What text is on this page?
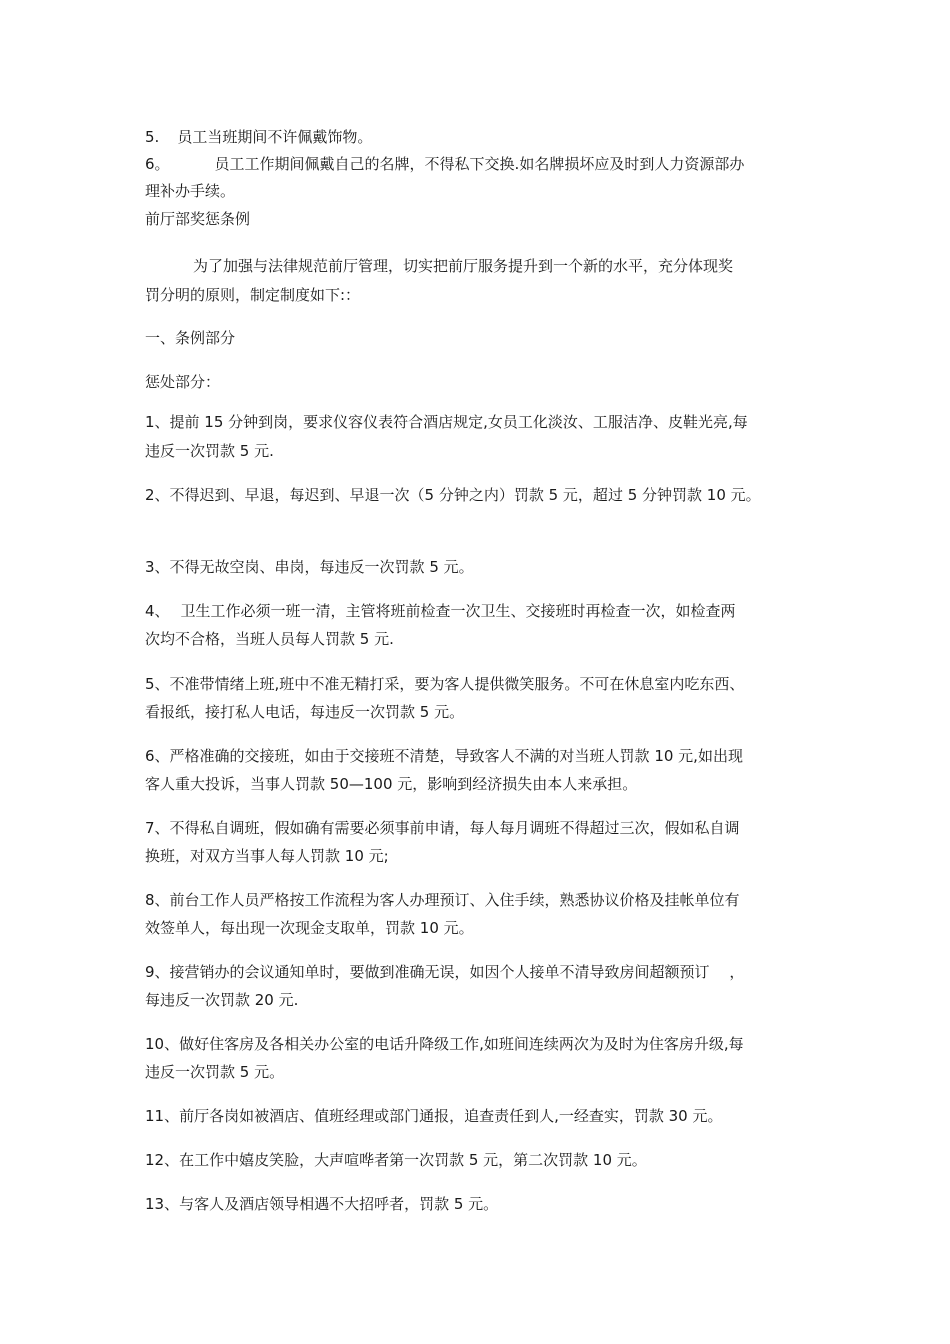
5. 员工当班期间不许佩戴饰物。
6。	员工工作期间佩戴自己的名牌，不得私下交换.如名牌损坏应及时到人力资源部办
理补办手续。
前厅部奖惩条例
为了加强与法律规范前厅管理，切实把前厅服务提升到一个新的水平，充分体现奖
罚分明的原则，制定制度如下:：
一、条例部分
惩处部分：
1、提前 15 分钟到岗，要求仪容仪表符合酒店规定,女员工化淡汝、工服洁净、皮鞋光亮,每
违反一次罚款 5 元.
2、不得迟到、早退，每迟到、早退一次（5 分钟之内）罚款 5 元，超过 5 分钟罚款 10 元。
3、不得无故空岗、串岗，每违反一次罚款 5 元。
4、 卫生工作必须一班一清，主管将班前检查一次卫生、交接班时再检查一次，如检查两
次均不合格，当班人员每人罚款 5 元.
5、不准带情绪上班,班中不准无精打采，要为客人提供微笑服务。不可在休息室内吃东西、
看报纸，接打私人电话，每违反一次罚款 5 元。
6、严格准确的交接班，如由于交接班不清楚，导致客人不满的对当班人罚款 10 元,如出现
客人重大投诉，当事人罚款 50—100 元，影响到经济损失由本人来承担。
7、不得私自调班，假如确有需要必须事前申请，每人每月调班不得超过三次，假如私自调
换班，对双方当事人每人罚款 10 元;
8、前台工作人员严格按工作流程为客人办理预订、入住手续，熟悉协议价格及挂帐单位有
效签单人，每出现一次现金支取单，罚款 10 元。
9、接营销办的会议通知单时，要做到准确无误，如因个人接单不清导致房间超额预订　 ，
每违反一次罚款 20 元.
10、做好住客房及各相关办公室的电话升降级工作,如班间连续两次为及时为住客房升级,每
违反一次罚款 5 元。
11、前厅各岗如被酒店、值班经理或部门通报，追查责任到人,一经查实，罚款 30 元。
12、在工作中嬉皮笑脸，大声喧哗者第一次罚款 5 元，第二次罚款 10 元。
13、与客人及酒店领导相遇不大招呼者，罚款 5 元。
